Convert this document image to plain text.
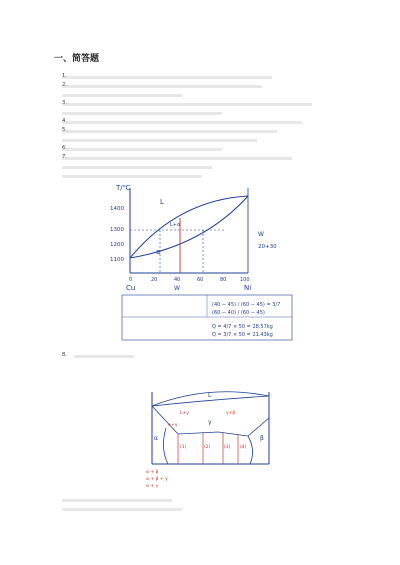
一、简答题
1.
2.
3.
4.
5.
6.
7.
T/℃
1400
1300
1200
1100
L
α
L+α
0	20	40	60	80	100
Cu	W	Ni
W
20+30
(40 − 45) / (60 − 45) = 3/7
(60 − 40) / (60 − 45)
Q = 4/7 × 50 = 28.57kg
Q = 3/7 × 50 = 21.43kg
8.
L
α	β
γ
L+γ	γ+β
α+γ
(1)	(2)	(3) (4)
α + β
α + β + γ
α + γ
